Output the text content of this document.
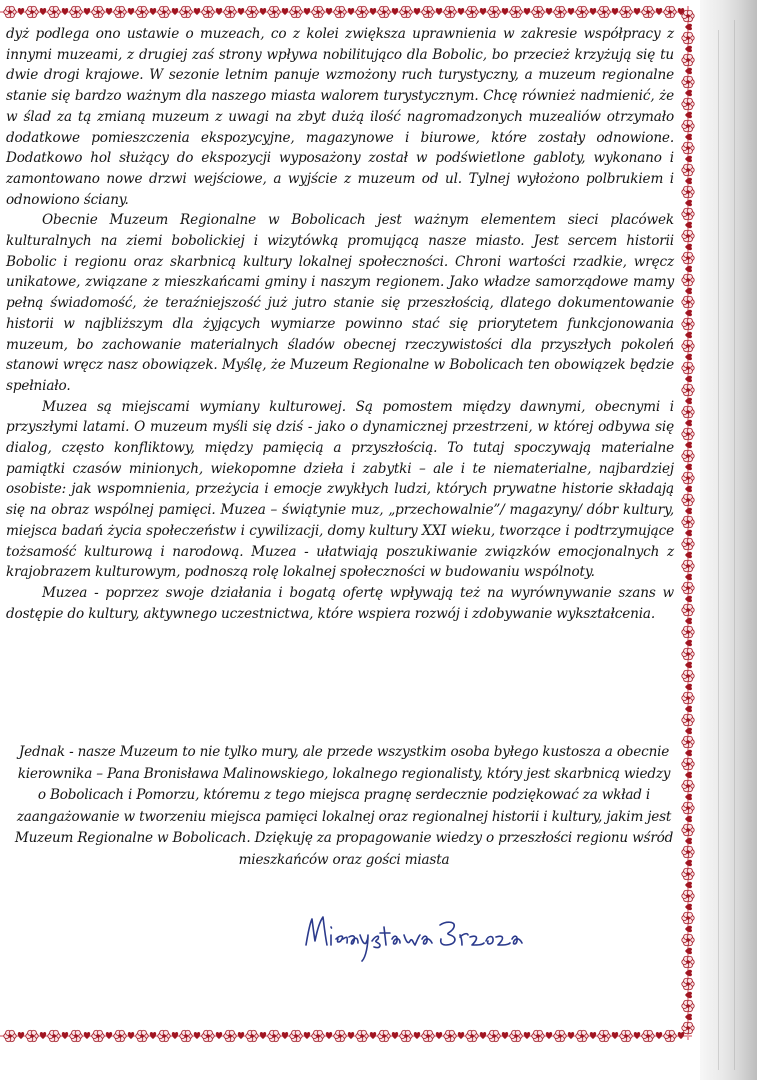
dyż podlega ono ustawie o muzeach, co z kolei zwiększa uprawnienia w zakresie współpracy z innymi muzeami, z drugiej zaś strony wpływa nobilitująco dla Bobolic, bo przecież krzyżują się tu dwie drogi krajowe. W sezonie letnim panuje wzmożony ruch turystyczny, a muzeum regionalne stanie się bardzo ważnym dla naszego miasta walorem turystycznym. Chcę również nadmienić, że w ślad za tą zmianą muzeum z uwagi na zbyt dużą ilość nagromadzonych muzealiów otrzymało dodatkowe pomieszczenia ekspozycyjne, magazynowe i biurowe, które zostały odnowione. Dodatkowo hol służący do ekspozycji wyposażony został w podświetlone gabloty, wykonano i zamontowano nowe drzwi wejściowe, a wyjście z muzeum od ul. Tylnej wyłożono polbrukiem i odnowiono ściany.

Obecnie Muzeum Regionalne w Bobolicach jest ważnym elementem sieci placówek kulturalnych na ziemi bobolickiej i wizytówką promującą nasze miasto. Jest sercem historii Bobolic i regionu oraz skarbnicą kultury lokalnej społeczności. Chroni wartości rzadkie, wręcz unikatowe, związane z mieszkańcami gminy i naszym regionem. Jako władze samorządowe mamy pełną świadomość, że teraźniejszość już jutro stanie się przeszłością, dlatego dokumentowanie historii w najbliższym dla żyjących wymiarze powinno stać się priorytetem funkcjonowania muzeum, bo zachowanie materialnych śladów obecnej rzeczywistości dla przyszłych pokoleń stanowi wręcz nasz obowiązek. Myślę, że Muzeum Regionalne w Bobolicach ten obowiązek będzie spełniało.

Muzea są miejscami wymiany kulturowej. Są pomostem między dawnymi, obecnymi i przyszłymi latami. O muzeum myśli się dziś - jako o dynamicznej przestrzeni, w której odbywa się dialog, często konfliktowy, między pamięcią a przyszłością. To tutaj spoczywają materialne pamiątki czasów minionych, wiekopomne dzieła i zabytki – ale i te niematerialne, najbardziej osobiste: jak wspomnienia, przeżycia i emocje zwykłych ludzi, których prywatne historie składają się na obraz wspólnej pamięci. Muzea – świątynie muz, „przechowalnie”/ magazyny/ dóbr kultury, miejsca badań życia społeczeństw i cywilizacji, domy kultury XXI wieku, tworzące i podtrzymujące tożsamość kulturową i narodową. Muzea - ułatwiają poszukiwanie związków emocjonalnych z krajobrazem kulturowym, podnoszą rolę lokalnej społeczności w budowaniu wspólnoty.

Muzea - poprzez swoje działania i bogatą ofertę wpływają też na wyrównywanie szans w dostępie do kultury, aktywnego uczestnictwa, które wspiera rozwój i zdobywanie wykształcenia.

Jednak - nasze Muzeum to nie tylko mury, ale przede wszystkim osoba byłego kustosza a obecnie kierownika – Pana Bronisława Malinowskiego, lokalnego regionalisty, który jest skarbnicą wiedzy o Bobolicach i Pomorzu, któremu z tego miejsca pragnę serdecznie podziękować za wkład i zaangażowanie w tworzeniu miejsca pamięci lokalnej oraz regionalnej historii i kultury, jakim jest Muzeum Regionalne w Bobolicach. Dziękuję za propagowanie wiedzy o przeszłości regionu wśród mieszkańców oraz gości miasta
